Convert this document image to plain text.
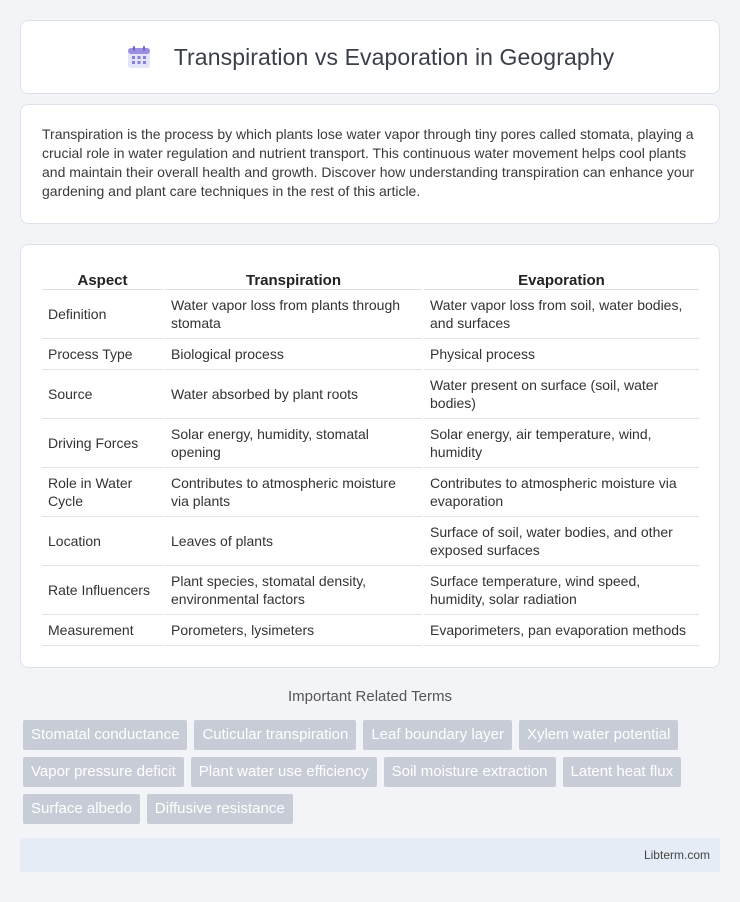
Transpiration vs Evaporation in Geography

Transpiration is the process by which plants lose water vapor through tiny pores called stomata, playing a crucial role in water regulation and nutrient transport. This continuous water movement helps cool plants and maintain their overall health and growth. Discover how understanding transpiration can enhance your gardening and plant care techniques in the rest of this article.

Aspect	Transpiration	Evaporation
Definition	Water vapor loss from plants through stomata	Water vapor loss from soil, water bodies, and surfaces
Process Type	Biological process	Physical process
Source	Water absorbed by plant roots	Water present on surface (soil, water bodies)
Driving Forces	Solar energy, humidity, stomatal opening	Solar energy, air temperature, wind, humidity
Role in Water Cycle	Contributes to atmospheric moisture via plants	Contributes to atmospheric moisture via evaporation
Location	Leaves of plants	Surface of soil, water bodies, and other exposed surfaces
Rate Influencers	Plant species, stomatal density, environmental factors	Surface temperature, wind speed, humidity, solar radiation
Measurement	Porometers, lysimeters	Evaporimeters, pan evaporation methods
Important Related Terms
Stomatal conductance	Cuticular transpiration	Leaf boundary layer	Xylem water potential
Vapor pressure deficit	Plant water use efficiency	Soil moisture extraction	Latent heat flux
Surface albedo	Diffusive resistance
Libterm.com
